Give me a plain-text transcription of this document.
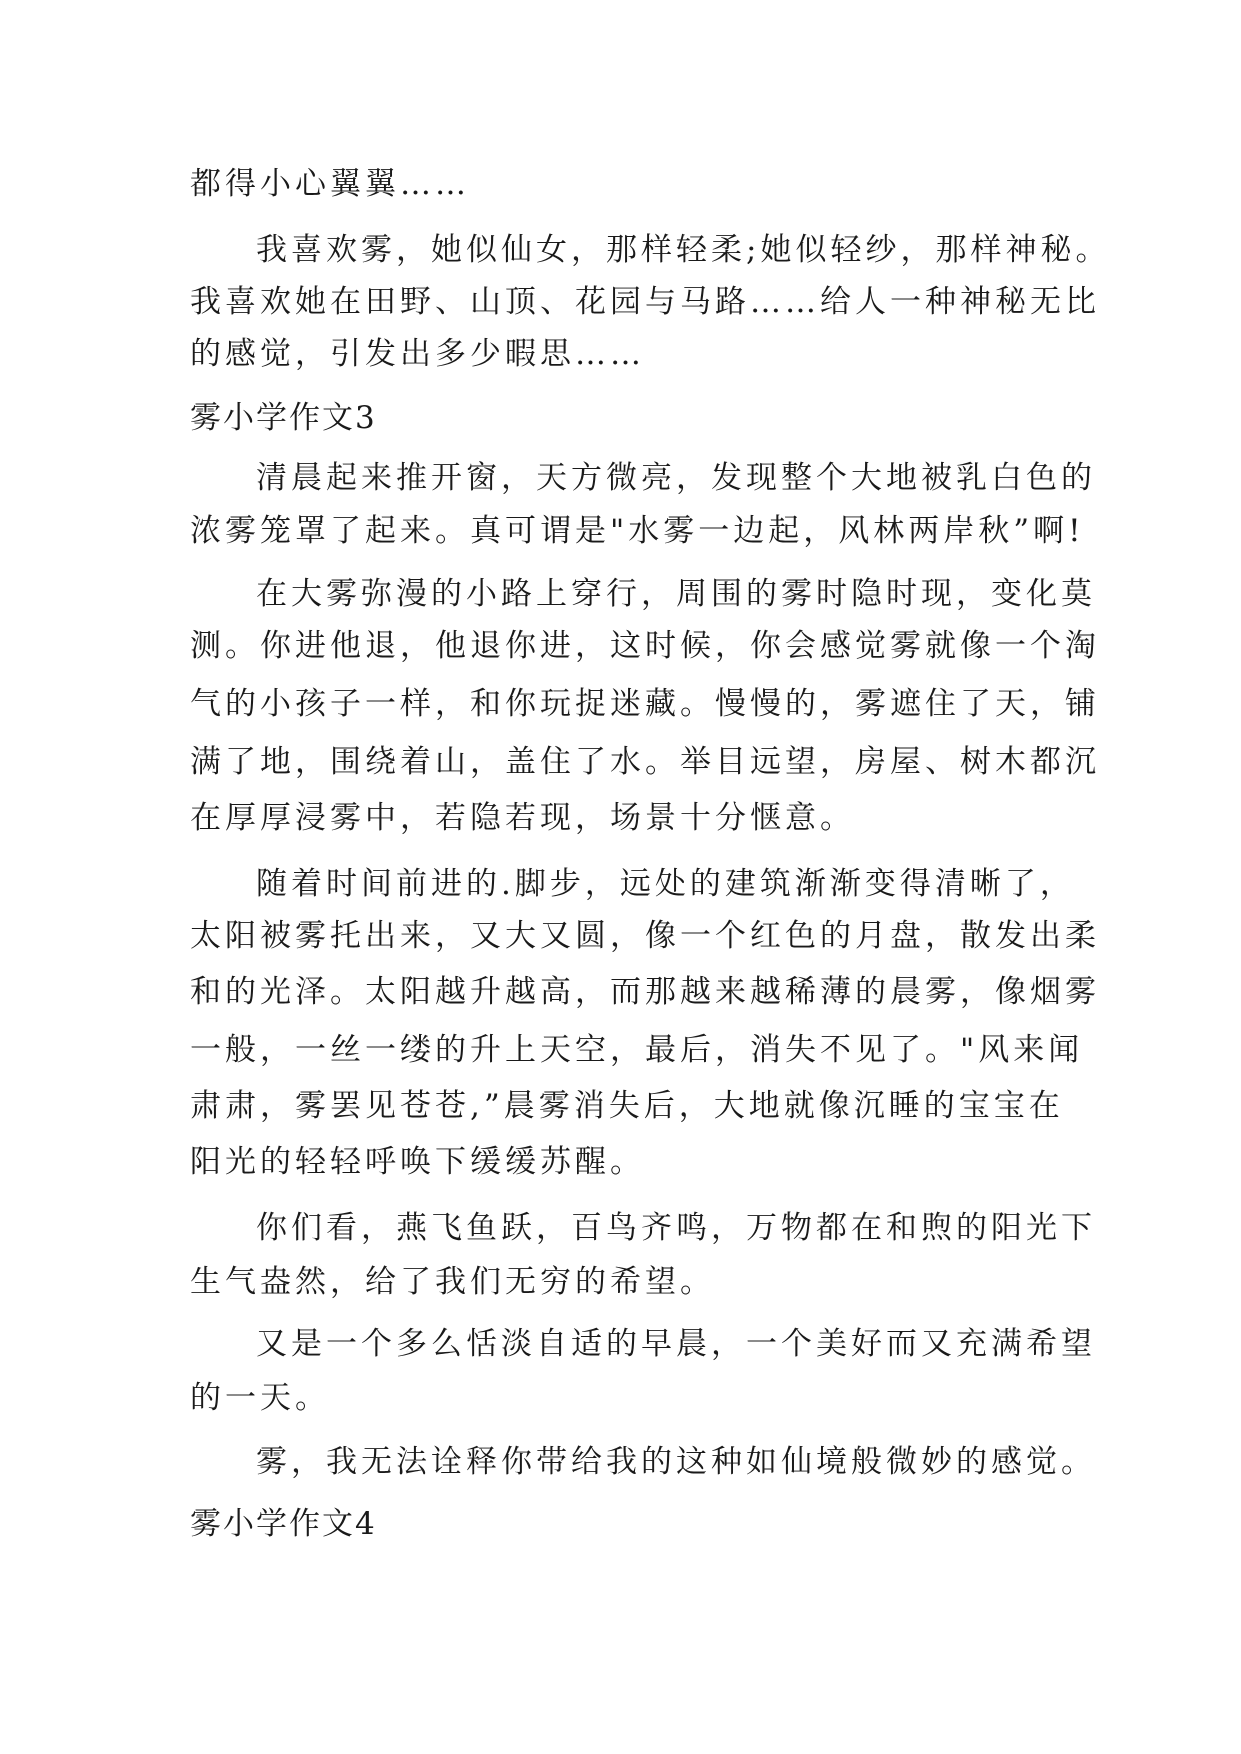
都得小心翼翼……
我喜欢雾，她似仙女，那样轻柔;她似轻纱，那样神秘。
我喜欢她在田野、山顶、花园与马路……给人一种神秘无比
的感觉，引发出多少暇思……
雾小学作文3
清晨起来推开窗，天方微亮，发现整个大地被乳白色的
浓雾笼罩了起来。真可谓是"水雾一边起，风林两岸秋”啊!
在大雾弥漫的小路上穿行，周围的雾时隐时现，变化莫
测。你进他退，他退你进，这时候，你会感觉雾就像一个淘
气的小孩子一样，和你玩捉迷藏。慢慢的，雾遮住了天，铺
满了地，围绕着山，盖住了水。举目远望，房屋、树木都沉
在厚厚浸雾中，若隐若现，场景十分惬意。
随着时间前进的.脚步，远处的建筑渐渐变得清晰了，
太阳被雾托出来，又大又圆，像一个红色的月盘，散发出柔
和的光泽。太阳越升越高，而那越来越稀薄的晨雾，像烟雾
一般，一丝一缕的升上天空，最后，消失不见了。"风来闻
肃肃，雾罢见苍苍,”晨雾消失后，大地就像沉睡的宝宝在
阳光的轻轻呼唤下缓缓苏醒。
你们看，燕飞鱼跃，百鸟齐鸣，万物都在和煦的阳光下
生气盎然，给了我们无穷的希望。
又是一个多么恬淡自适的早晨，一个美好而又充满希望
的一天。
雾，我无法诠释你带给我的这种如仙境般微妙的感觉。
雾小学作文4
